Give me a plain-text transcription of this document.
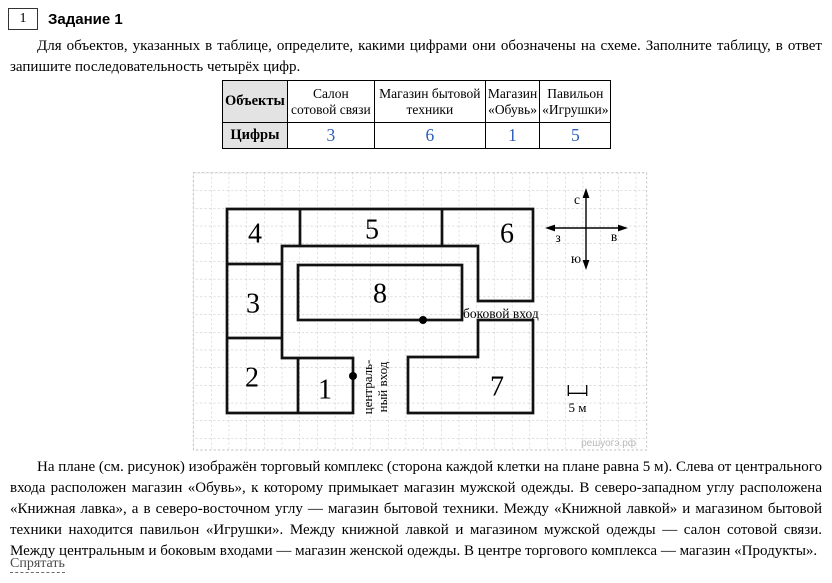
1	Задание 1
Для объектов, указанных в таблице, определите, какими цифрами они обозначены на схеме. Заполните таблицу, в ответ запишите последовательность четырёх цифр.
Объекты	Салон сотовой связи	Магазин бытовой техники	Магазин «Обувь»	Павильон «Игрушки»
Цифры	3	6	1	5
1
2
3
4	5	6
7
8
боковой вход
централь- ный вход
с
ю
з	в
5 м
решуогэ.рф
На плане (см. рисунок) изображён торговый комплекс (сторона каждой клетки на плане равна 5 м). Слева от центрального входа расположен магазин «Обувь», к которому примыкает магазин мужской одежды. В северо-западном углу расположена «Книжная лавка», а в северо-восточном углу — магазин бытовой техники. Между «Книжной лавкой» и магазином бытовой техники находится павильон «Игрушки». Между книжной лавкой и магазином мужской одежды — салон сотовой связи. Между центральным и боковым входами — магазин женской одежды. В центре торгового комплекса — магазин «Продукты».
Спрятать
